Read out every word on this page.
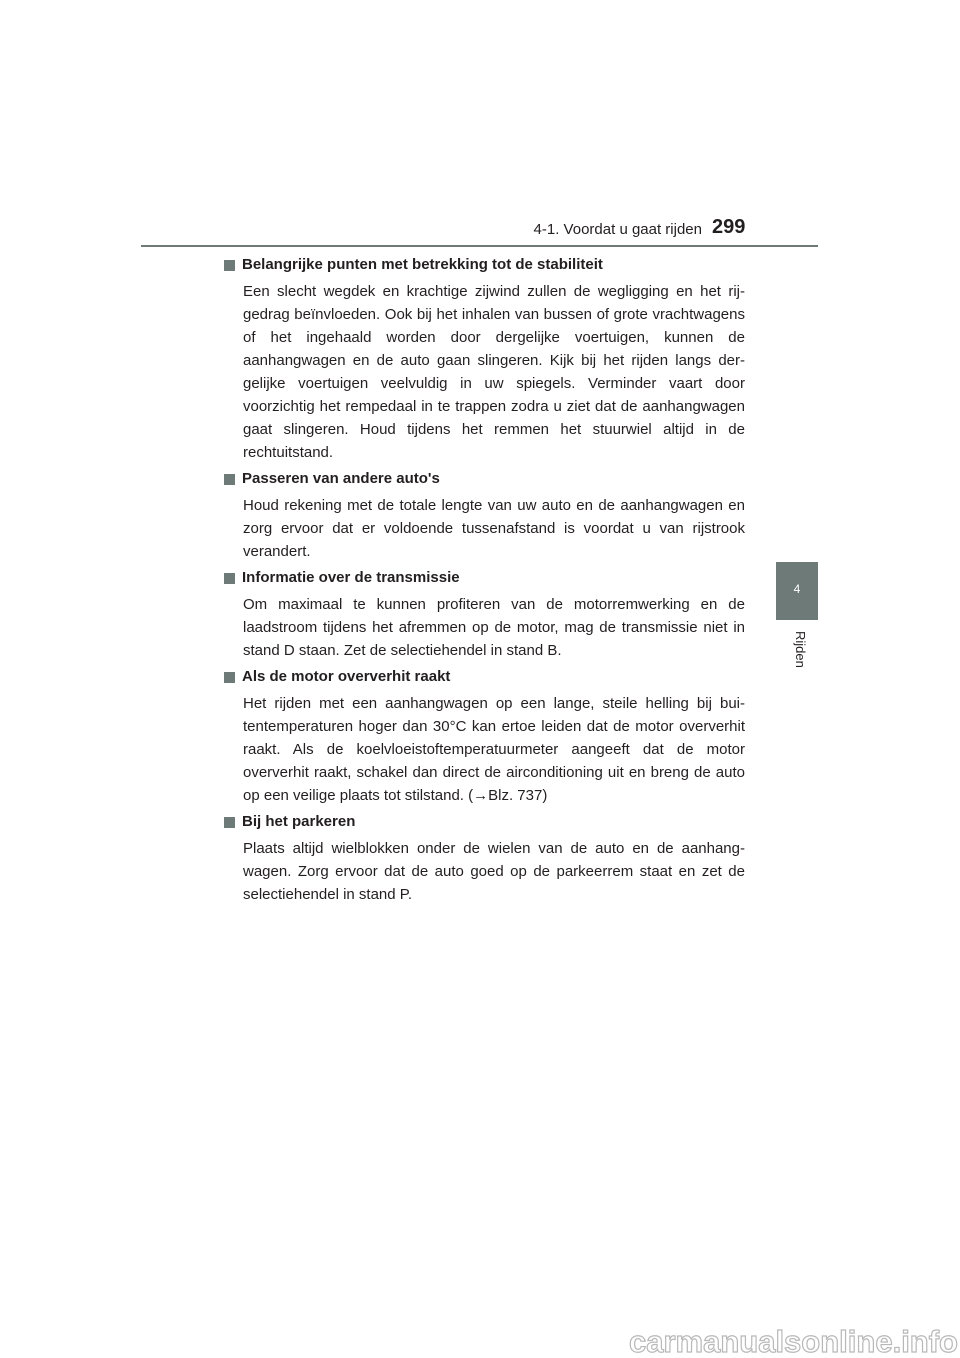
4-1. Voordat u gaat rijden 299
4
Rijden
Belangrijke punten met betrekking tot de stabiliteit
Een slecht wegdek en krachtige zijwind zullen de wegligging en het rijgedrag beïnvloeden. Ook bij het inhalen van bussen of grote vrachtwagens of het ingehaald worden door dergelijke voertuigen, kunnen de aanhangwagen en de auto gaan slingeren. Kijk bij het rijden langs dergelijke voertuigen veelvuldig in uw spiegels. Verminder vaart door voorzichtig het rempedaal in te trappen zodra u ziet dat de aanhangwagen gaat slingeren. Houd tijdens het remmen het stuurwiel altijd in de rechtuitstand.
Passeren van andere auto's
Houd rekening met de totale lengte van uw auto en de aanhangwagen en zorg ervoor dat er voldoende tussenafstand is voordat u van rijstrook verandert.
Informatie over de transmissie
Om maximaal te kunnen profiteren van de motorremwerking en de laadstroom tijdens het afremmen op de motor, mag de transmissie niet in stand D staan. Zet de selectiehendel in stand B.
Als de motor oververhit raakt
Het rijden met een aanhangwagen op een lange, steile helling bij buitentemperaturen hoger dan 30°C kan ertoe leiden dat de motor oververhit raakt. Als de koelvloeistoftemperatuurmeter aangeeft dat de motor oververhit raakt, schakel dan direct de airconditioning uit en breng de auto op een veilige plaats tot stilstand. (→Blz. 737)
Bij het parkeren
Plaats altijd wielblokken onder de wielen van de auto en de aanhangwagen. Zorg ervoor dat de auto goed op de parkeerrem staat en zet de selectiehendel in stand P.
carmanualsonline.info
